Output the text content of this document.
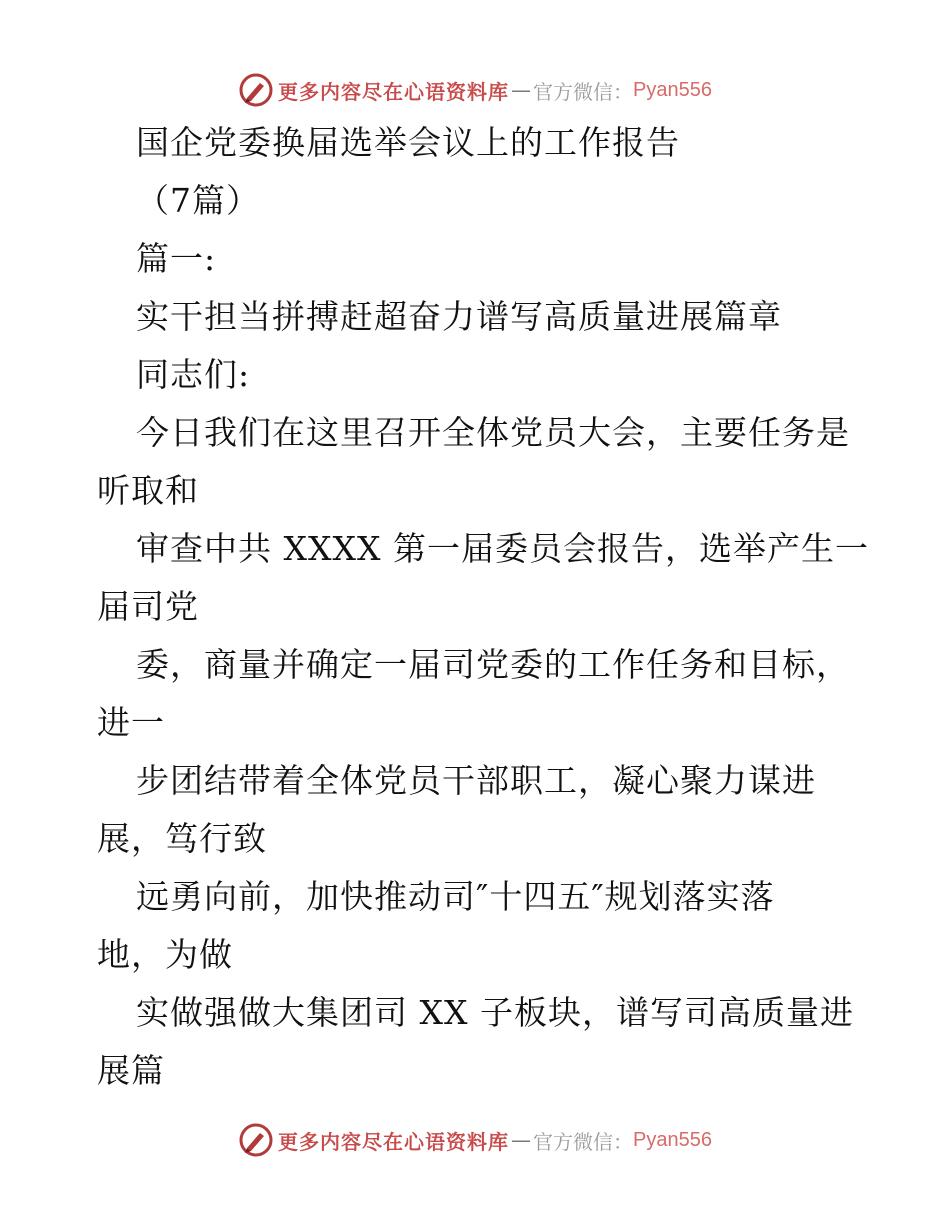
更多内容尽在心语资料库 — 官方微信： Pyan556
国企党委换届选举会议上的工作报告
（7篇）
篇一:
实干担当拼搏赶超奋力谱写高质量进展篇章
同志们:
今日我们在这里召开全体党员大会，主要任务是
听取和
审查中共 XXXX 第一届委员会报告，选举产生一
届司党
委，商量并确定一届司党委的工作任务和目标，
进一
步团结带着全体党员干部职工，凝心聚力谋进
展，笃行致
远勇向前，加快推动司″十四五″规划落实落
地，为做
实做强做大集团司 XX 子板块，谱写司高质量进
展篇
更多内容尽在心语资料库 — 官方微信： Pyan556
